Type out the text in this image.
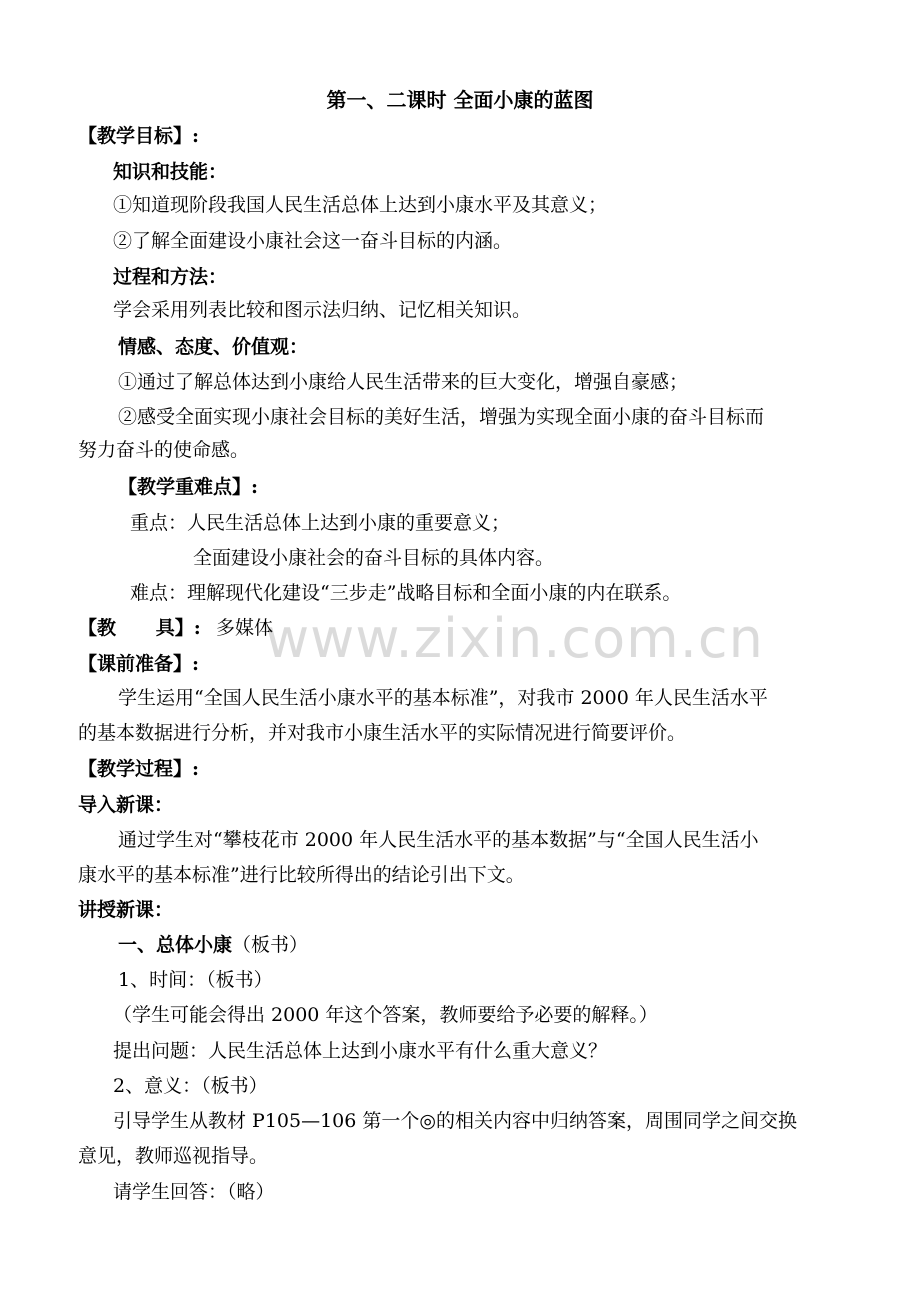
www.zixin.com.cn
第一、二课时 全面小康的蓝图
【教学目标】:
知识和技能：
①知道现阶段我国人民生活总体上达到小康水平及其意义；
②了解全面建设小康社会这一奋斗目标的内涵。
过程和方法：
学会采用列表比较和图示法归纳、记忆相关知识。
情感、态度、价值观：
①通过了解总体达到小康给人民生活带来的巨大变化，增强自豪感；
②感受全面实现小康社会目标的美好生活，增强为实现全面小康的奋斗目标而
努力奋斗的使命感。
【教学重难点】:
重点：人民生活总体上达到小康的重要意义；
全面建设小康社会的奋斗目标的具体内容。
难点：理解现代化建设“三步走”战略目标和全面小康的内在联系。
【教      具】: 多媒体
【课前准备】:
学生运用“全国人民生活小康水平的基本标准”，对我市 2000 年人民生活水平
的基本数据进行分析，并对我市小康生活水平的实际情况进行简要评价。
【教学过程】:
导入新课：
通过学生对“攀枝花市 2000 年人民生活水平的基本数据”与“全国人民生活小
康水平的基本标准”进行比较所得出的结论引出下文。
讲授新课：
一、总体小康（板书）
1、时间：（板书）
（学生可能会得出 2000 年这个答案，教师要给予必要的解释。）
提出问题：人民生活总体上达到小康水平有什么重大意义？
2、意义：（板书）
引导学生从教材 P105—106 第一个◎的相关内容中归纳答案，周围同学之间交换
意见，教师巡视指导。
请学生回答：（略）
